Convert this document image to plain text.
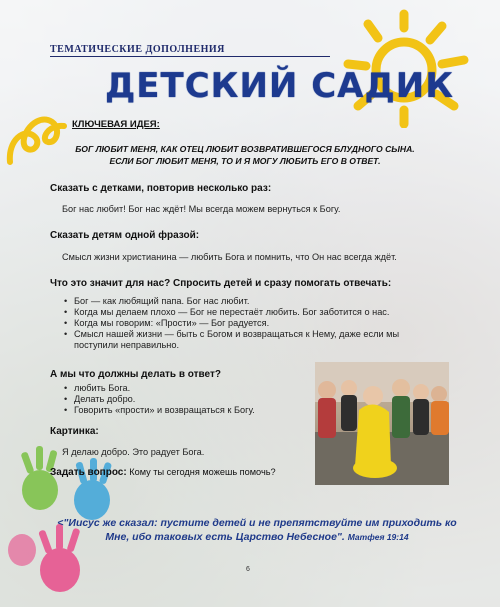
ТЕМАТИЧЕСКИЕ ДОПОЛНЕНИЯ
ДЕТСКИЙ САДИК
КЛЮЧЕВАЯ ИДЕЯ:
БОГ ЛЮБИТ МЕНЯ, КАК ОТЕЦ ЛЮБИТ ВОЗВРАТИВШЕГОСЯ БЛУДНОГО СЫНА.
ЕСЛИ БОГ ЛЮБИТ МЕНЯ, ТО И Я МОГУ ЛЮБИТЬ ЕГО В ОТВЕТ.
Сказать с детками, повторив несколько раз:
Бог нас любит! Бог нас ждёт! Мы всегда можем вернуться к Богу.
Сказать детям одной фразой:
Смысл жизни христианина — любить Бога и помнить, что Он нас всегда ждёт.
Что это значит для нас? Спросить детей и сразу помогать отвечать:
• Бог — как любящий папа. Бог нас любит.
• Когда мы делаем плохо — Бог не перестаёт любить. Бог заботится о нас.
• Когда мы говорим: «Прости» — Бог радуется.
• Смысл нашей жизни — быть с Богом и возвращаться к Нему, даже если мы
поступили неправильно.
А мы что должны делать в ответ?
• любить Бога.
• Делать добро.
• Говорить «прости» и возвращаться к Богу.
Картинка:
Я делаю добро. Это радует Бога.
Задать вопрос: Кому ты сегодня можешь помочь?
<"Иисус же сказал: пустите детей и не препятствуйте им приходить ко Мне, ибо таковых есть Царство Небесное". Матфея 19:14
6
